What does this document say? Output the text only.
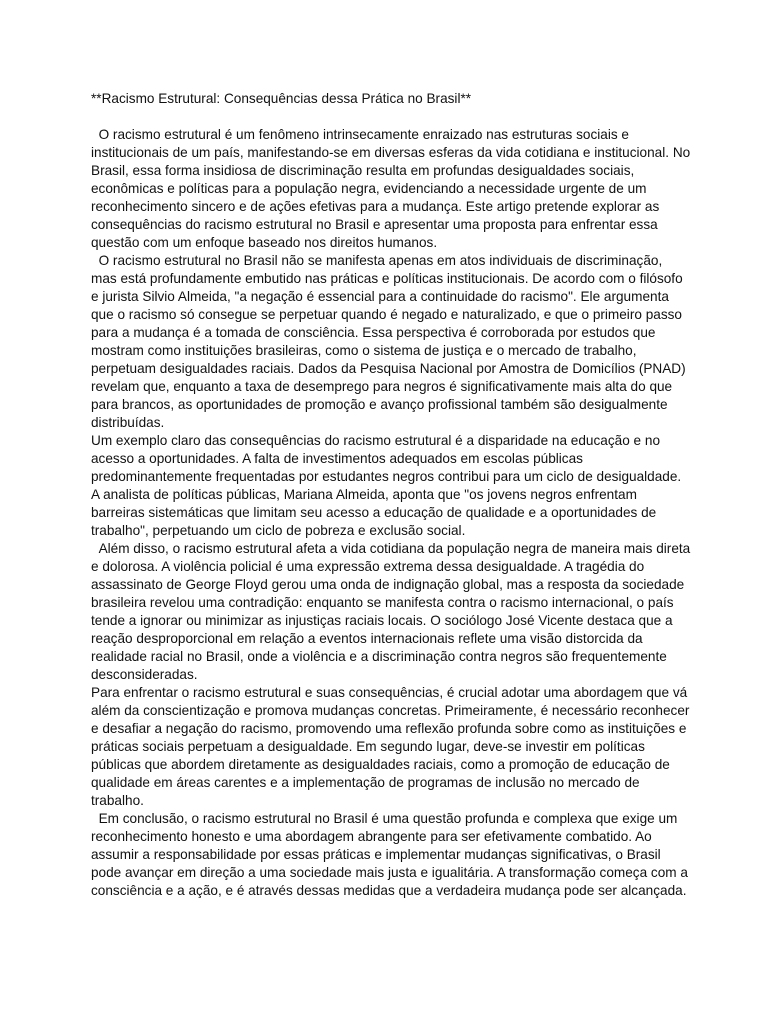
**Racismo Estrutural: Consequências dessa Prática no Brasil**

O racismo estrutural é um fenômeno intrinsecamente enraizado nas estruturas sociais e institucionais de um país, manifestando-se em diversas esferas da vida cotidiana e institucional. No Brasil, essa forma insidiosa de discriminação resulta em profundas desigualdades sociais, econômicas e políticas para a população negra, evidenciando a necessidade urgente de um reconhecimento sincero e de ações efetivas para a mudança. Este artigo pretende explorar as consequências do racismo estrutural no Brasil e apresentar uma proposta para enfrentar essa questão com um enfoque baseado nos direitos humanos.

O racismo estrutural no Brasil não se manifesta apenas em atos individuais de discriminação, mas está profundamente embutido nas práticas e políticas institucionais. De acordo com o filósofo e jurista Silvio Almeida, "a negação é essencial para a continuidade do racismo". Ele argumenta que o racismo só consegue se perpetuar quando é negado e naturalizado, e que o primeiro passo para a mudança é a tomada de consciência. Essa perspectiva é corroborada por estudos que mostram como instituições brasileiras, como o sistema de justiça e o mercado de trabalho, perpetuam desigualdades raciais. Dados da Pesquisa Nacional por Amostra de Domicílios (PNAD) revelam que, enquanto a taxa de desemprego para negros é significativamente mais alta do que para brancos, as oportunidades de promoção e avanço profissional também são desigualmente distribuídas.

Um exemplo claro das consequências do racismo estrutural é a disparidade na educação e no acesso a oportunidades. A falta de investimentos adequados em escolas públicas predominantemente frequentadas por estudantes negros contribui para um ciclo de desigualdade. A analista de políticas públicas, Mariana Almeida, aponta que "os jovens negros enfrentam barreiras sistemáticas que limitam seu acesso a educação de qualidade e a oportunidades de trabalho", perpetuando um ciclo de pobreza e exclusão social.

Além disso, o racismo estrutural afeta a vida cotidiana da população negra de maneira mais direta e dolorosa. A violência policial é uma expressão extrema dessa desigualdade. A tragédia do assassinato de George Floyd gerou uma onda de indignação global, mas a resposta da sociedade brasileira revelou uma contradição: enquanto se manifesta contra o racismo internacional, o país tende a ignorar ou minimizar as injustiças raciais locais. O sociólogo José Vicente destaca que a reação desproporcional em relação a eventos internacionais reflete uma visão distorcida da realidade racial no Brasil, onde a violência e a discriminação contra negros são frequentemente desconsideradas.

Para enfrentar o racismo estrutural e suas consequências, é crucial adotar uma abordagem que vá além da conscientização e promova mudanças concretas. Primeiramente, é necessário reconhecer e desafiar a negação do racismo, promovendo uma reflexão profunda sobre como as instituições e práticas sociais perpetuam a desigualdade. Em segundo lugar, deve-se investir em políticas públicas que abordem diretamente as desigualdades raciais, como a promoção de educação de qualidade em áreas carentes e a implementação de programas de inclusão no mercado de trabalho.

Em conclusão, o racismo estrutural no Brasil é uma questão profunda e complexa que exige um reconhecimento honesto e uma abordagem abrangente para ser efetivamente combatido. Ao assumir a responsabilidade por essas práticas e implementar mudanças significativas, o Brasil pode avançar em direção a uma sociedade mais justa e igualitária. A transformação começa com a consciência e a ação, e é através dessas medidas que a verdadeira mudança pode ser alcançada.
